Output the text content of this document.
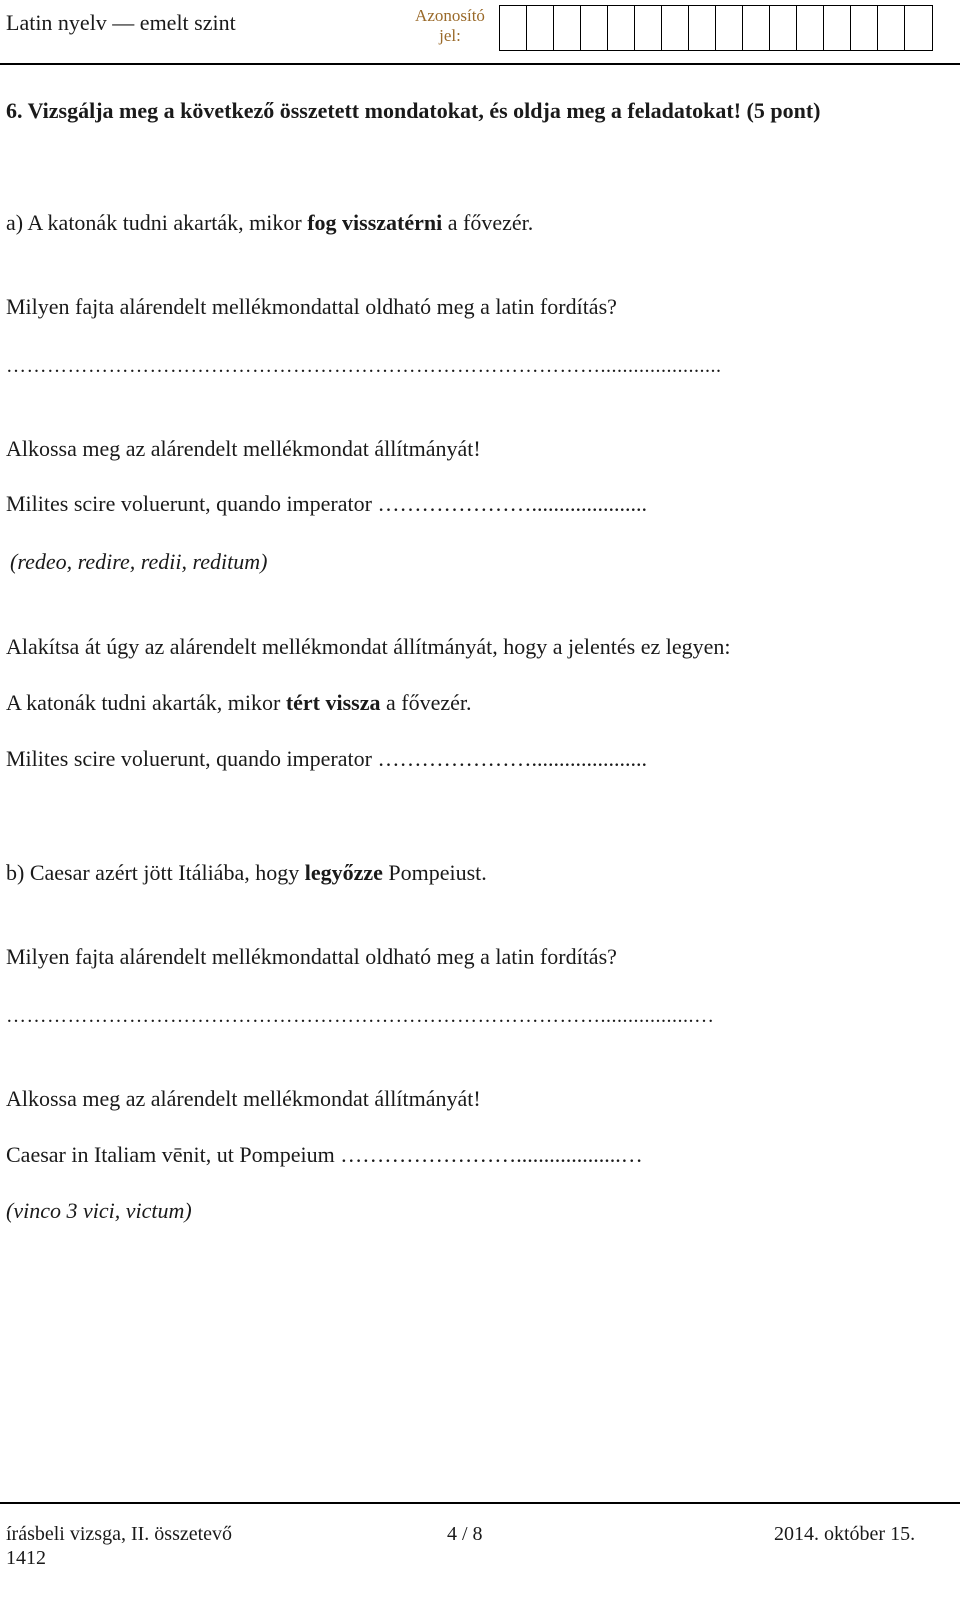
Latin nyelv — emelt szint	Azonosító
jel:
6. Vizsgálja meg a következő összetett mondatokat, és oldja meg a feladatokat! (5 pont)
a) A katonák tudni akarták, mikor fog visszatérni a fővezér.
Milyen fajta alárendelt mellékmondattal oldható meg a latin fordítás?
……………………………………………………………………………......................
Alkossa meg az alárendelt mellékmondat állítmányát!
Milites scire voluerunt, quando imperator ………………….....................
(redeo, redire, redii, reditum)
Alakítsa át úgy az alárendelt mellékmondat állítmányát, hogy a jelentés ez legyen:
A katonák tudni akarták, mikor tért vissza a fővezér.
Milites scire voluerunt, quando imperator ………………….....................
b) Caesar azért jött Itáliába, hogy legyőzze Pompeiust.
Milyen fajta alárendelt mellékmondattal oldható meg a latin fordítás?
…………………………………………………………………………….................…
Alkossa meg az alárendelt mellékmondat állítmányát!
Caesar in Italiam vēnit, ut Pompeium ……………………...................…
(vinco 3 vici, victum)
írásbeli vizsga, II. összetevő
1412
4 / 8	2014. október 15.
